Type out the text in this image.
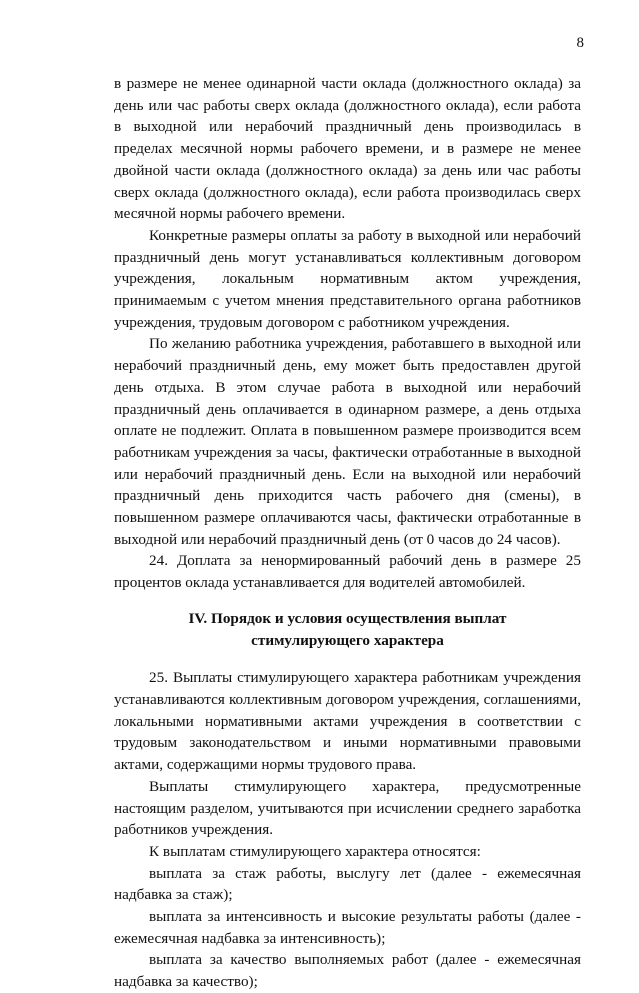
8

в размере не менее одинарной части оклада (должностного оклада) за день или час работы сверх оклада (должностного оклада), если работа в выходной или нерабочий праздничный день производилась в пределах месячной нормы рабочего времени, и в размере не менее двойной части оклада (должностного оклада) за день или час работы сверх оклада (должностного оклада), если работа производилась сверх месячной нормы рабочего времени.

Конкретные размеры оплаты за работу в выходной или нерабочий праздничный день могут устанавливаться коллективным договором учреждения, локальным нормативным актом учреждения, принимаемым с учетом мнения представительного органа работников учреждения, трудовым договором с работником учреждения.

По желанию работника учреждения, работавшего в выходной или нерабочий праздничный день, ему может быть предоставлен другой день отдыха. В этом случае работа в выходной или нерабочий праздничный день оплачивается в одинарном размере, а день отдыха оплате не подлежит. Оплата в повышенном размере производится всем работникам учреждения за часы, фактически отработанные в выходной или нерабочий праздничный день. Если на выходной или нерабочий праздничный день приходится часть рабочего дня (смены), в повышенном размере оплачиваются часы, фактически отработанные в выходной или нерабочий праздничный день (от 0 часов до 24 часов).

24. Доплата за ненормированный рабочий день в размере 25 процентов оклада устанавливается для водителей автомобилей.

IV. Порядок и условия осуществления выплат
стимулирующего характера

25. Выплаты стимулирующего характера работникам учреждения устанавливаются коллективным договором учреждения, соглашениями, локальными нормативными актами учреждения в соответствии с трудовым законодательством и иными нормативными правовыми актами, содержащими нормы трудового права.

Выплаты стимулирующего характера, предусмотренные настоящим разделом, учитываются при исчислении среднего заработка работников учреждения.

К выплатам стимулирующего характера относятся:

выплата за стаж работы, выслугу лет (далее - ежемесячная надбавка за стаж);

выплата за интенсивность и высокие результаты работы (далее - ежемесячная надбавка за интенсивность);

выплата за качество выполняемых работ (далее - ежемесячная надбавка за качество);
